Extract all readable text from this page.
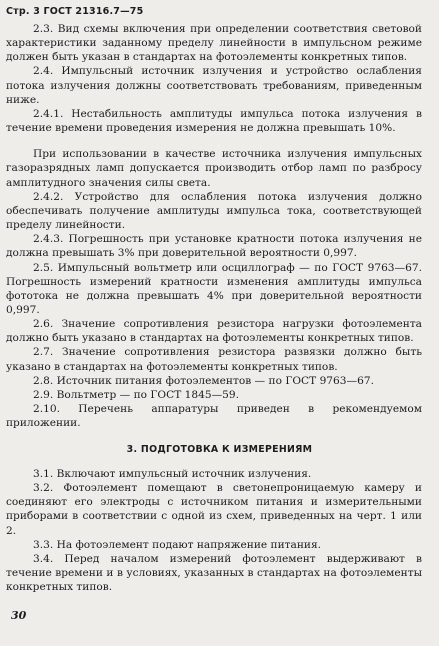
Стр. 3 ГОСТ 21316.7—75

2.3. Вид схемы включения при определении соответствия световой характеристики заданному пределу линейности в импульсном режиме должен быть указан в стандартах на фотоэлементы конкретных типов.

2.4. Импульсный источник излучения и устройство ослабления потока излучения должны соответствовать требованиям, приведенным ниже.

2.4.1. Нестабильность амплитуды импульса потока излучения в течение времени проведения измерения не должна превышать 10%.

При использовании в качестве источника излучения импульсных газоразрядных ламп допускается производить отбор ламп по разбросу амплитудного значения силы света.

2.4.2. Устройство для ослабления потока излучения должно обеспечивать получение амплитуды импульса тока, соответствующей пределу линейности.

2.4.3. Погрешность при установке кратности потока излучения не должна превышать 3% при доверительной вероятности 0,997.

2.5. Импульсный вольтметр или осциллограф — по ГОСТ 9763—67. Погрешность измерений кратности изменения амплитуды импульса фототока не должна превышать 4% при доверительной вероятности 0,997.

2.6. Значение сопротивления резистора нагрузки фотоэлемента должно быть указано в стандартах на фотоэлементы конкретных типов.

2.7. Значение сопротивления резистора развязки должно быть указано в стандартах на фотоэлементы конкретных типов.

2.8. Источник питания фотоэлементов — по ГОСТ 9763—67.

2.9. Вольтметр — по ГОСТ 1845—59.

2.10. Перечень аппаратуры приведен в рекомендуемом приложении.

3. ПОДГОТОВКА К ИЗМЕРЕНИЯМ

3.1. Включают импульсный источник излучения.

3.2. Фотоэлемент помещают в светонепроницаемую камеру и соединяют его электроды с источником питания и измерительными приборами в соответствии с одной из схем, приведенных на черт. 1 или 2.

3.3. На фотоэлемент подают напряжение питания.

3.4. Перед началом измерений фотоэлемент выдерживают в течение времени и в условиях, указанных в стандартах на фотоэлементы конкретных типов.

30
